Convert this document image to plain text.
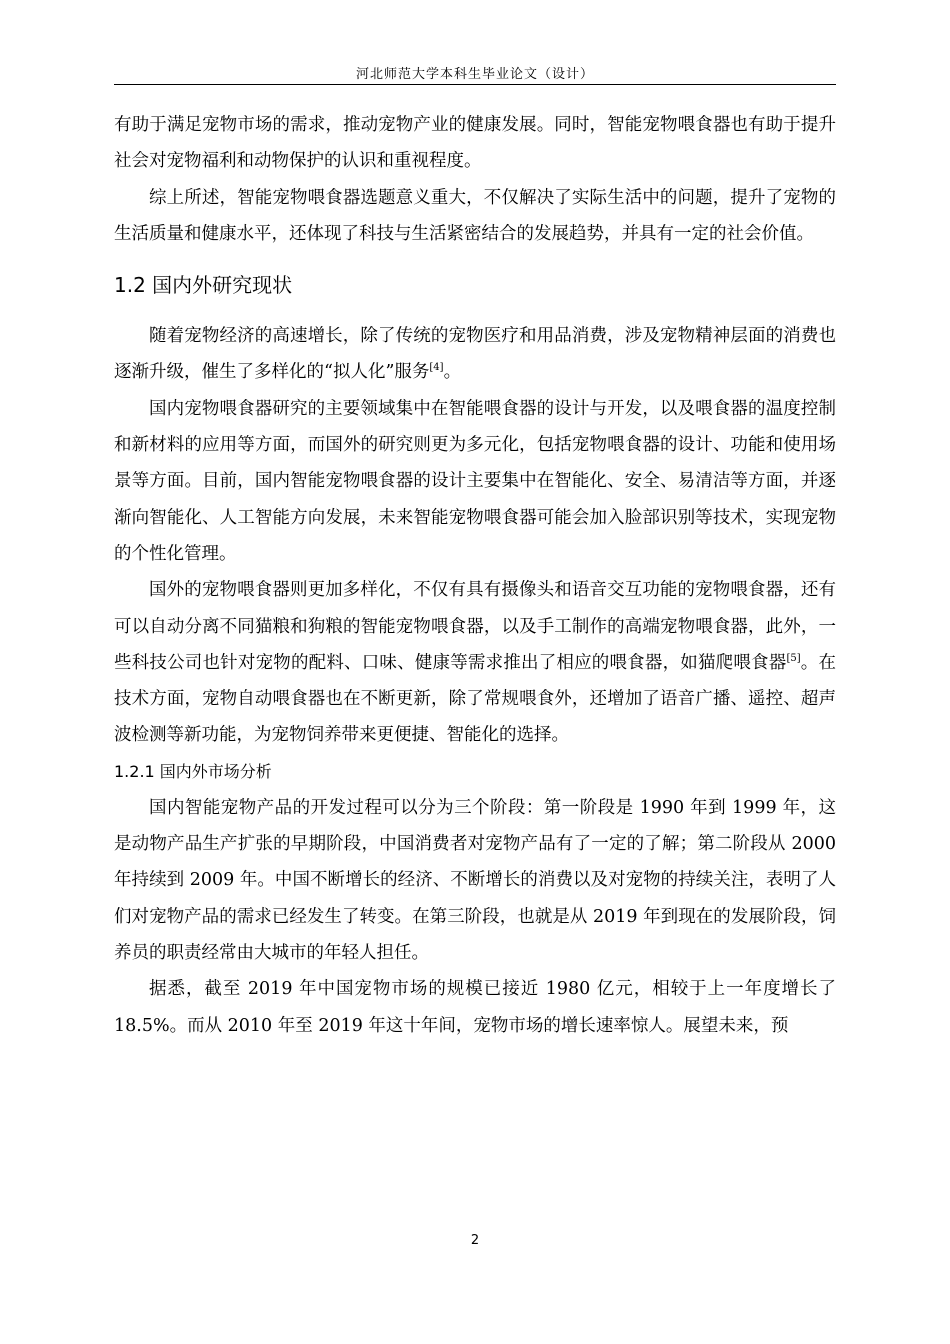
河北师范大学本科生毕业论文（设计）

有助于满足宠物市场的需求，推动宠物产业的健康发展。同时，智能宠物喂食器也有助于提升社会对宠物福利和动物保护的认识和重视程度。

综上所述，智能宠物喂食器选题意义重大，不仅解决了实际生活中的问题，提升了宠物的生活质量和健康水平，还体现了科技与生活紧密结合的发展趋势，并具有一定的社会价值。

1.2 国内外研究现状

随着宠物经济的高速增长，除了传统的宠物医疗和用品消费，涉及宠物精神层面的消费也逐渐升级，催生了多样化的“拟人化”服务[4]。

国内宠物喂食器研究的主要领域集中在智能喂食器的设计与开发，以及喂食器的温度控制和新材料的应用等方面，而国外的研究则更为多元化，包括宠物喂食器的设计、功能和使用场景等方面。目前，国内智能宠物喂食器的设计主要集中在智能化、安全、易清洁等方面，并逐渐向智能化、人工智能方向发展，未来智能宠物喂食器可能会加入脸部识别等技术，实现宠物的个性化管理。

国外的宠物喂食器则更加多样化，不仅有具有摄像头和语音交互功能的宠物喂食器，还有可以自动分离不同猫粮和狗粮的智能宠物喂食器，以及手工制作的高端宠物喂食器，此外，一些科技公司也针对宠物的配料、口味、健康等需求推出了相应的喂食器，如猫爬喂食器[5]。在技术方面，宠物自动喂食器也在不断更新，除了常规喂食外，还增加了语音广播、遥控、超声波检测等新功能，为宠物饲养带来更便捷、智能化的选择。

1.2.1 国内外市场分析

国内智能宠物产品的开发过程可以分为三个阶段：第一阶段是 1990 年到 1999 年，这是动物产品生产扩张的早期阶段，中国消费者对宠物产品有了一定的了解；第二阶段从 2000 年持续到 2009 年。中国不断增长的经济、不断增长的消费以及对宠物的持续关注，表明了人们对宠物产品的需求已经发生了转变。在第三阶段，也就是从 2019 年到现在的发展阶段，饲养员的职责经常由大城市的年轻人担任。

据悉，截至 2019 年中国宠物市场的规模已接近 1980 亿元，相较于上一年度增长了 18.5%。而从 2010 年至 2019 年这十年间，宠物市场的增长速率惊人。展望未来，预

2
